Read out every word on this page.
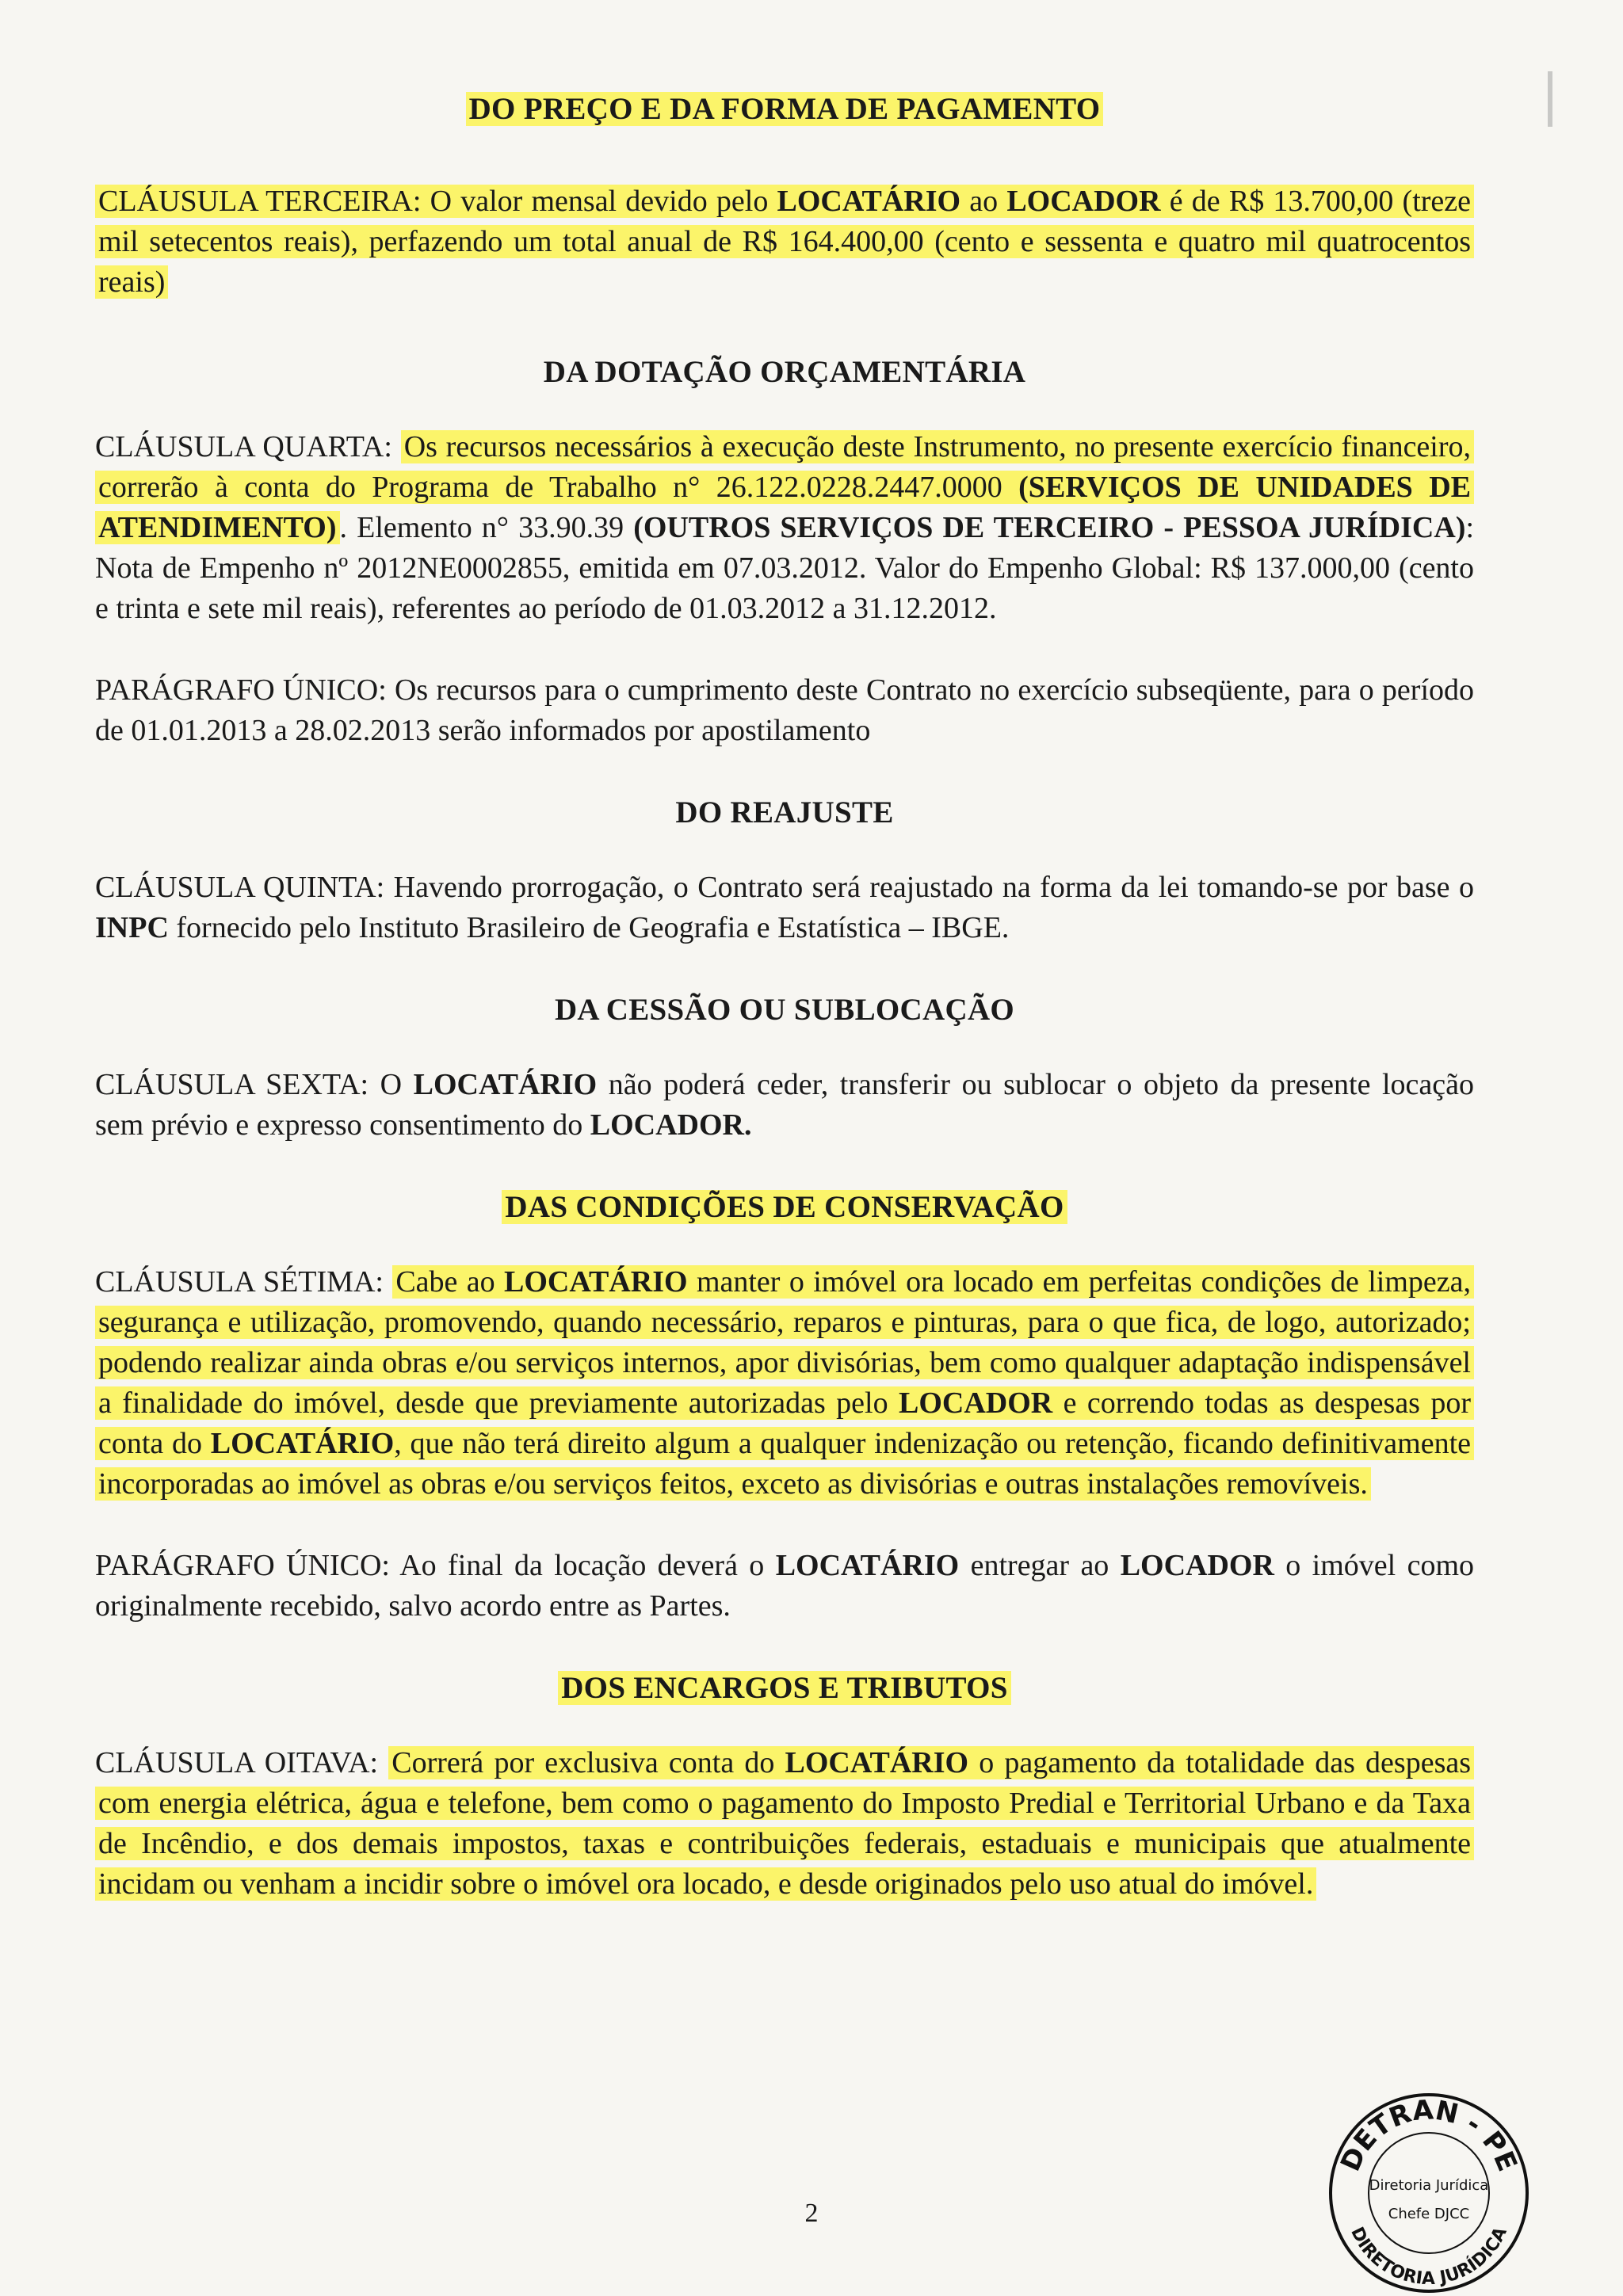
DO PREÇO E DA FORMA DE PAGAMENTO

CLÁUSULA TERCEIRA: O valor mensal devido pelo LOCATÁRIO ao LOCADOR é de R$ 13.700,00 (treze mil setecentos reais), perfazendo um total anual de R$ 164.400,00 (cento e sessenta e quatro mil quatrocentos reais)

DA DOTAÇÃO ORÇAMENTÁRIA

CLÁUSULA QUARTA: Os recursos necessários à execução deste Instrumento, no presente exercício financeiro, correrão à conta do Programa de Trabalho n° 26.122.0228.2447.0000 (SERVIÇOS DE UNIDADES DE ATENDIMENTO) . Elemento n° 33.90.39 (OUTROS SERVIÇOS DE TERCEIRO - PESSOA JURÍDICA): Nota de Empenho nº 2012NE0002855, emitida em 07.03.2012. Valor do Empenho Global: R$ 137.000,00 (cento e trinta e sete mil reais), referentes ao período de 01.03.2012 a 31.12.2012.

PARÁGRAFO ÚNICO: Os recursos para o cumprimento deste Contrato no exercício subseqüente, para o período de 01.01.2013 a 28.02.2013 serão informados por apostilamento

DO REAJUSTE

CLÁUSULA QUINTA: Havendo prorrogação, o Contrato será reajustado na forma da lei tomando-se por base o INPC fornecido pelo Instituto Brasileiro de Geografia e Estatística – IBGE.

DA CESSÃO OU SUBLOCAÇÃO

CLÁUSULA SEXTA: O LOCATÁRIO não poderá ceder, transferir ou sublocar o objeto da presente locação sem prévio e expresso consentimento do LOCADOR.

DAS CONDIÇÕES DE CONSERVAÇÃO

CLÁUSULA SÉTIMA: Cabe ao LOCATÁRIO manter o imóvel ora locado em perfeitas condições de limpeza, segurança e utilização, promovendo, quando necessário, reparos e pinturas, para o que fica, de logo, autorizado; podendo realizar ainda obras e/ou serviços internos, apor divisórias, bem como qualquer adaptação indispensável a finalidade do imóvel, desde que previamente autorizadas pelo LOCADOR e correndo todas as despesas por conta do LOCATÁRIO, que não terá direito algum a qualquer indenização ou retenção, ficando definitivamente incorporadas ao imóvel as obras e/ou serviços feitos, exceto as divisórias e outras instalações removíveis.

PARÁGRAFO ÚNICO: Ao final da locação deverá o LOCATÁRIO entregar ao LOCADOR o imóvel como originalmente recebido, salvo acordo entre as Partes.

DOS ENCARGOS E TRIBUTOS

CLÁUSULA OITAVA: Correrá por exclusiva conta do LOCATÁRIO o pagamento da totalidade das despesas com energia elétrica, água e telefone, bem como o pagamento do Imposto Predial e Territorial Urbano e da Taxa de Incêndio, e dos demais impostos, taxas e contribuições federais, estaduais e municipais que atualmente incidam ou venham a incidir sobre o imóvel ora locado, e desde originados pelo uso atual do imóvel.

2
DETRAN - PE
Diretoria Jurídica
Chefe DJCC
DIRETORIA JURÍDICA
